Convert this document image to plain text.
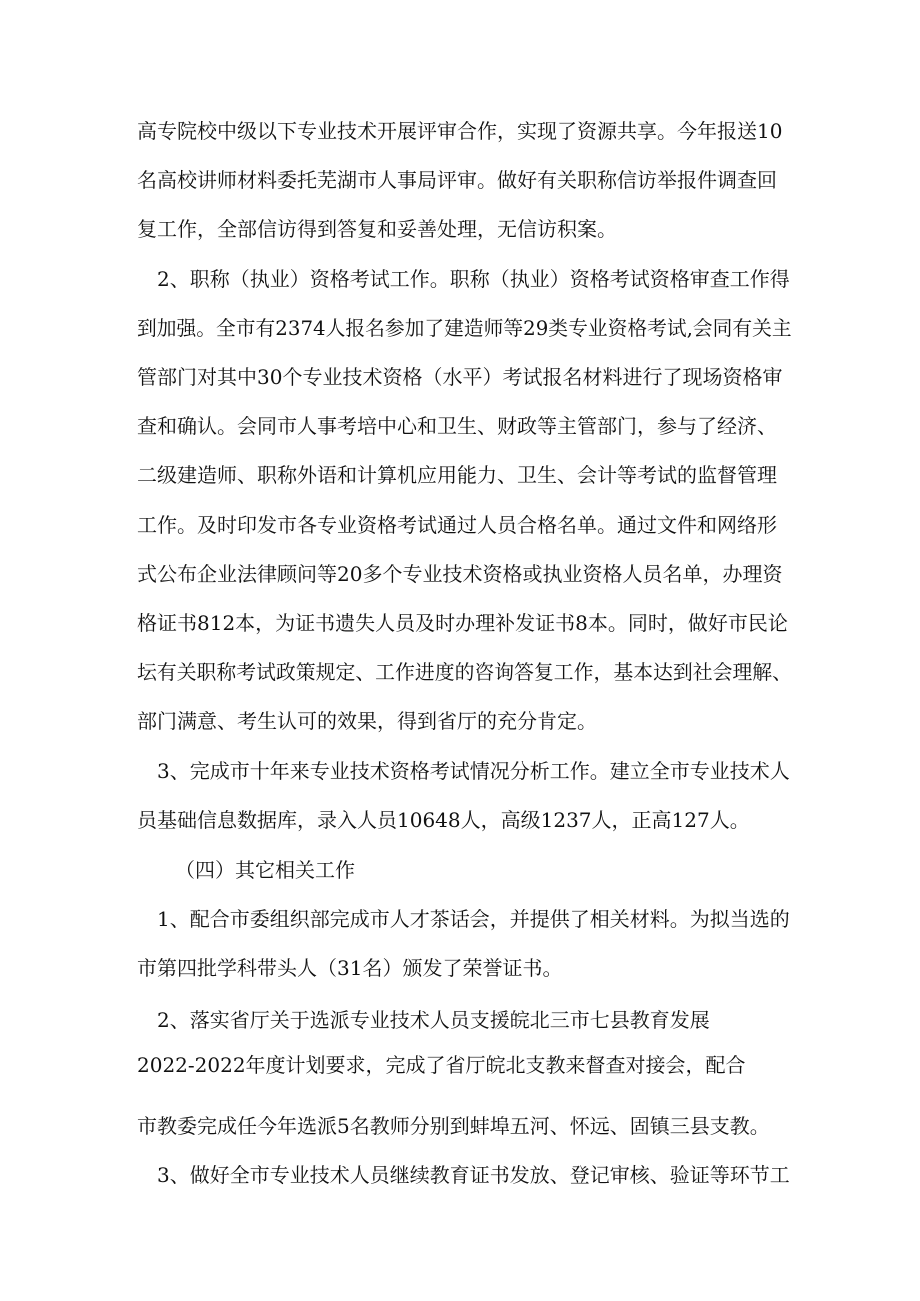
高专院校中级以下专业技术开展评审合作，实现了资源共享。今年报送10

名高校讲师材料委托芜湖市人事局评审。做好有关职称信访举报件调查回

复工作，全部信访得到答复和妥善处理，无信访积案。

2、职称（执业）资格考试工作。职称（执业）资格考试资格审查工作得

到加强。全市有2374人报名参加了建造师等29类专业资格考试,会同有关主

管部门对其中30个专业技术资格（水平）考试报名材料进行了现场资格审

查和确认。会同市人事考培中心和卫生、财政等主管部门，参与了经济、

二级建造师、职称外语和计算机应用能力、卫生、会计等考试的监督管理

工作。及时印发市各专业资格考试通过人员合格名单。通过文件和网络形

式公布企业法律顾问等20多个专业技术资格或执业资格人员名单，办理资

格证书812本，为证书遗失人员及时办理补发证书8本。同时，做好市民论

坛有关职称考试政策规定、工作进度的咨询答复工作，基本达到社会理解、

部门满意、考生认可的效果，得到省厅的充分肯定。

3、完成市十年来专业技术资格考试情况分析工作。建立全市专业技术人

员基础信息数据库，录入人员10648人，高级1237人，正高127人。

（四）其它相关工作

1、配合市委组织部完成市人才茶话会，并提供了相关材料。为拟当选的

市第四批学科带头人（31名）颁发了荣誉证书。

2、落实省厅关于选派专业技术人员支援皖北三市七县教育发展

2022-2022年度计划要求，完成了省厅皖北支教来督查对接会，配合

市教委完成任今年选派5名教师分别到蚌埠五河、怀远、固镇三县支教。

3、做好全市专业技术人员继续教育证书发放、登记审核、验证等环节工
